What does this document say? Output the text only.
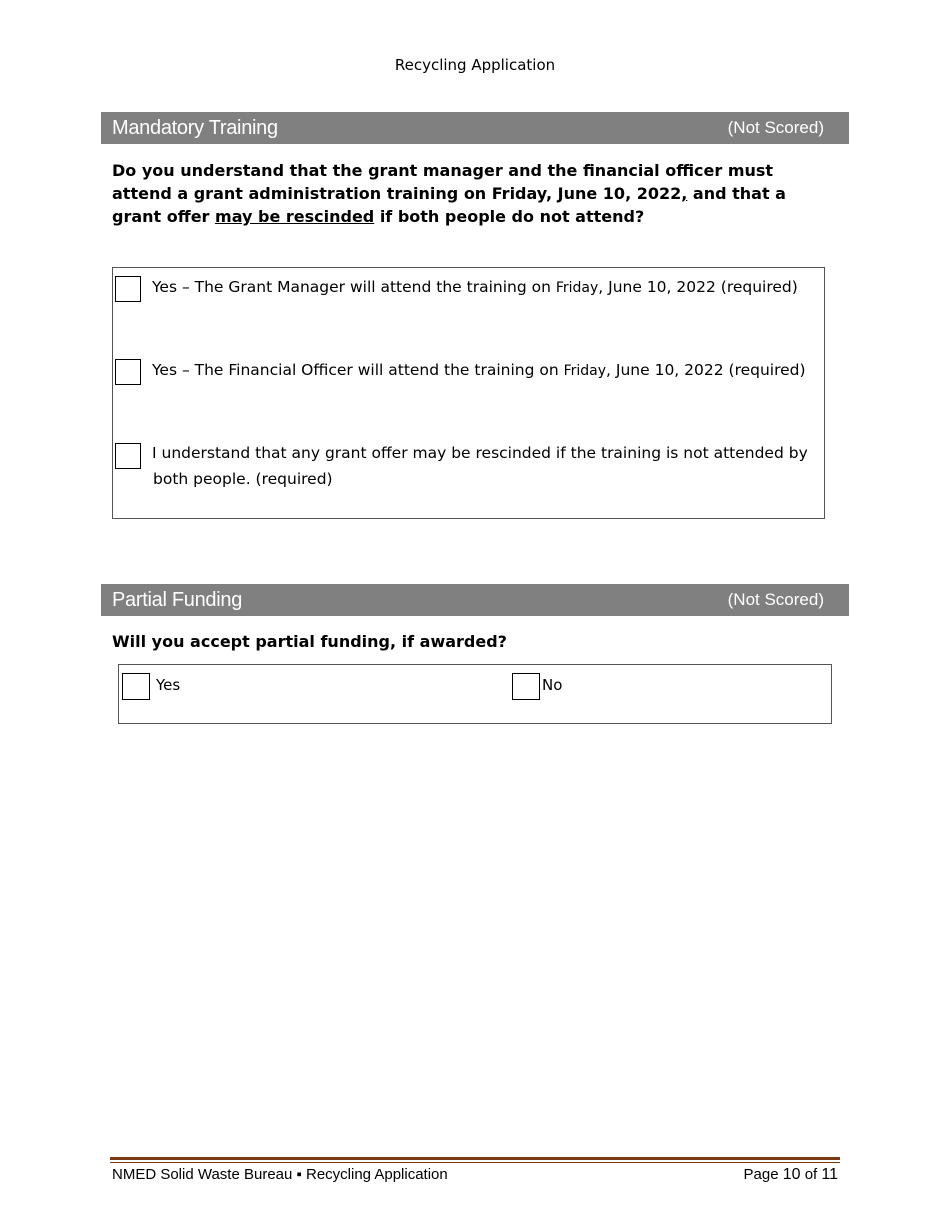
Recycling Application
Mandatory Training	(Not Scored)
Do you understand that the grant manager and the financial officer must attend a grant administration training on Friday, June 10, 2022, and that a grant offer may be rescinded if both people do not attend?
Yes – The Grant Manager will attend the training on Friday, June 10, 2022 (required)
Yes – The Financial Officer will attend the training on Friday, June 10, 2022 (required)
I understand that any grant offer may be rescinded if the training is not attended by
both people. (required)
Partial Funding	(Not Scored)
Will you accept partial funding, if awarded?
Yes	No
NMED Solid Waste Bureau ▪ Recycling Application	Page 10 of 11
